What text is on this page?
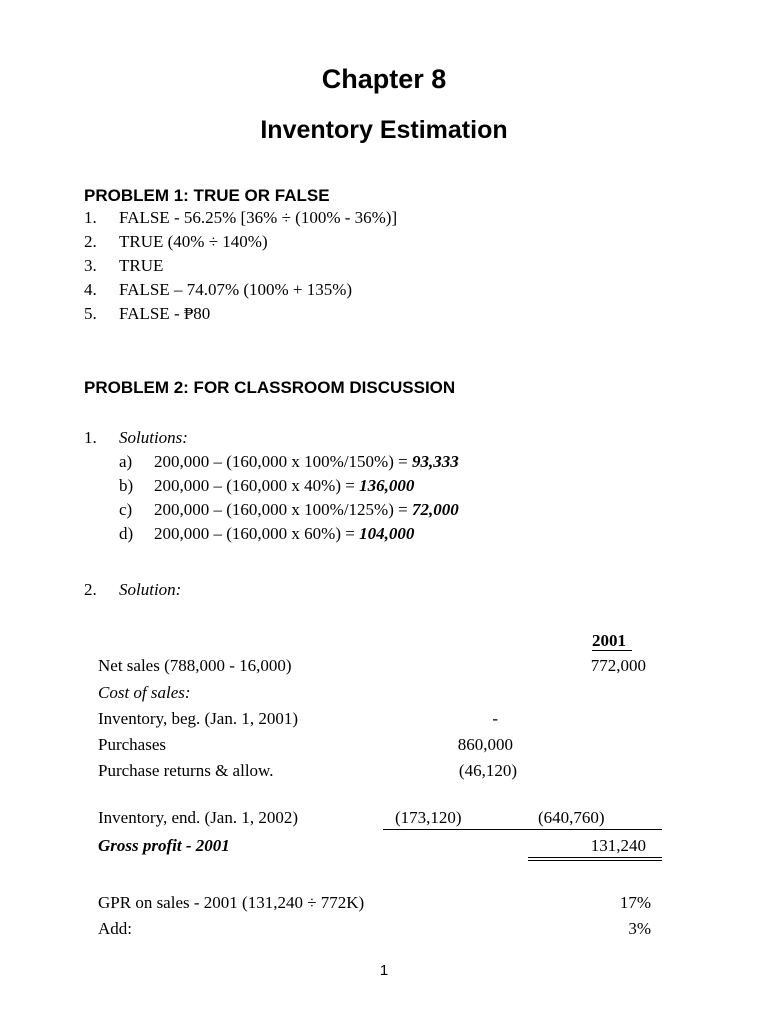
Chapter 8
Inventory Estimation
PROBLEM 1: TRUE OR FALSE
1. FALSE - 56.25% [36% ÷ (100% - 36%)]
2. TRUE (40% ÷ 140%)
3. TRUE
4. FALSE – 74.07% (100% + 135%)
5. FALSE - ₱80
PROBLEM 2: FOR CLASSROOM DISCUSSION
1. Solutions:
a) 200,000 – (160,000 x 100%/150%) = 93,333
b) 200,000 – (160,000 x 40%) = 136,000
c) 200,000 – (160,000 x 100%/125%) = 72,000
d) 200,000 – (160,000 x 60%) = 104,000
2. Solution:
2001
Net sales (788,000 - 16,000)	772,000
Cost of sales:
Inventory, beg. (Jan. 1, 2001)	-
Purchases	860,000
Purchase returns & allow.	(46,120)
Inventory, end. (Jan. 1, 2002)	(173,120)	(640,760)
Gross profit - 2001	131,240
GPR on sales - 2001 (131,240 ÷ 772K)	17%
Add:	3%
1
